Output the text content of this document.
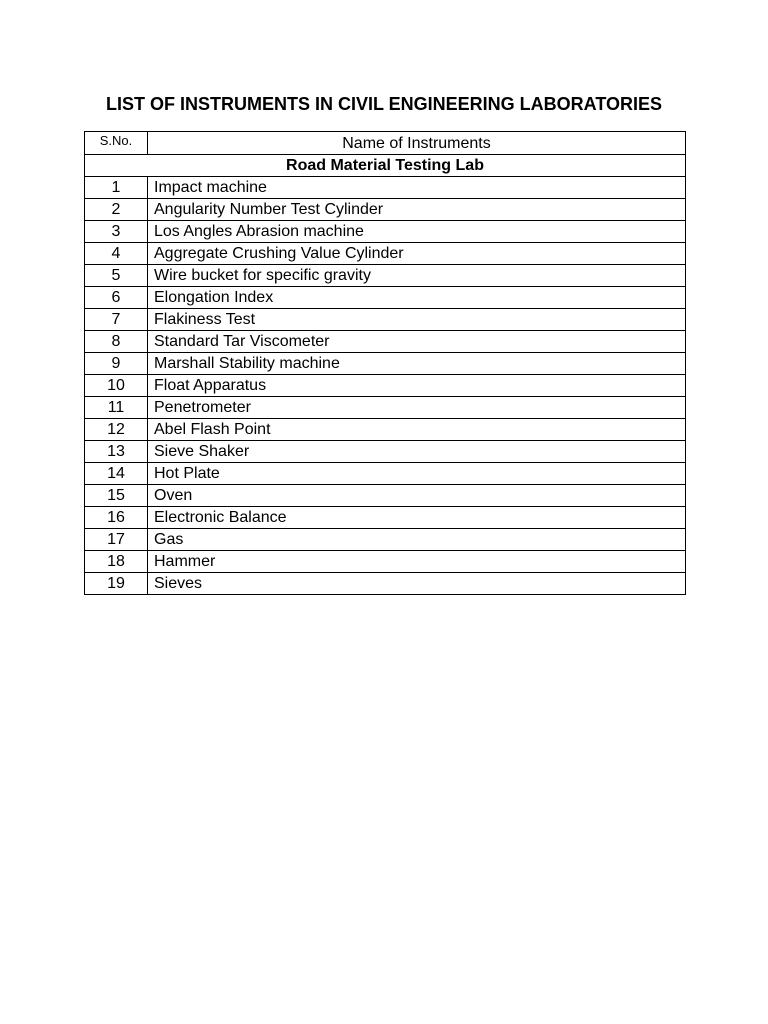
LIST OF INSTRUMENTS IN CIVIL ENGINEERING LABORATORIES
S.No.	Name of Instruments
Road Material Testing Lab	
1	Impact machine
2	Angularity Number Test Cylinder
3	Los Angles Abrasion machine
4	Aggregate Crushing Value Cylinder
5	Wire bucket for specific gravity
6	Elongation Index
7	Flakiness Test
8	Standard Tar Viscometer
9	Marshall Stability machine
10	Float Apparatus
11	Penetrometer
12	Abel Flash Point
13	Sieve Shaker
14	Hot Plate
15	Oven
16	Electronic Balance
17	Gas
18	Hammer
19	Sieves
